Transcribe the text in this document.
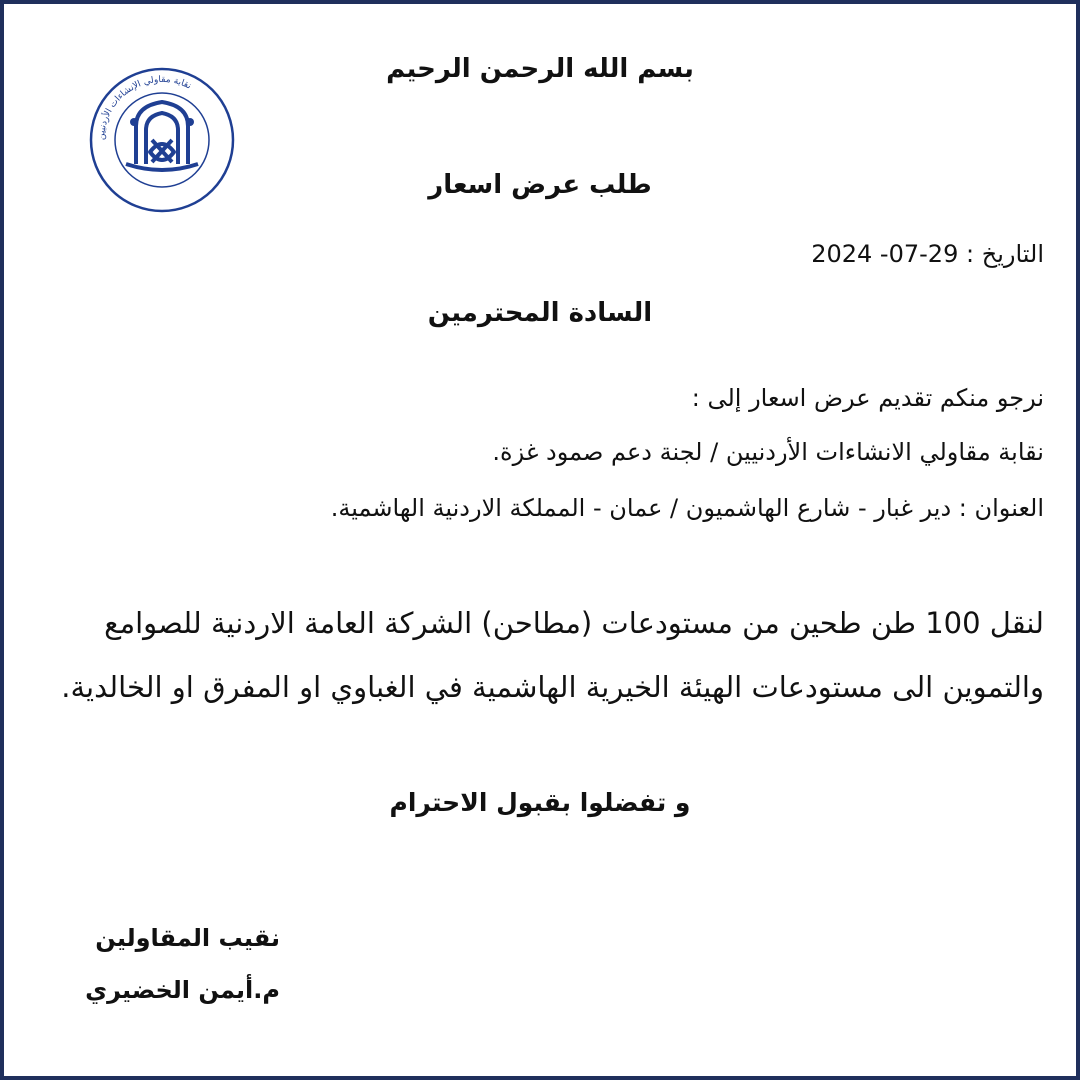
نقابة مقاولي الإنشاءات الأردنيين
بسم الله الرحمن الرحيم
طلب عرض اسعار
التاريخ : 29-07- 2024
السادة المحترمين
نرجو منكم تقديم عرض اسعار إلى :
نقابة مقاولي الانشاءات الأردنيين / لجنة دعم صمود غزة.
العنوان : دير غبار - شارع الهاشميون / عمان - المملكة الاردنية الهاشمية.
لنقل 100 طن طحين من مستودعات (مطاحن) الشركة العامة الاردنية للصوامع
والتموين الى مستودعات الهيئة الخيرية الهاشمية في الغباوي او المفرق او الخالدية.
و تفضلوا بقبول الاحترام
نقيب المقاولين
م.أيمن الخضيري
